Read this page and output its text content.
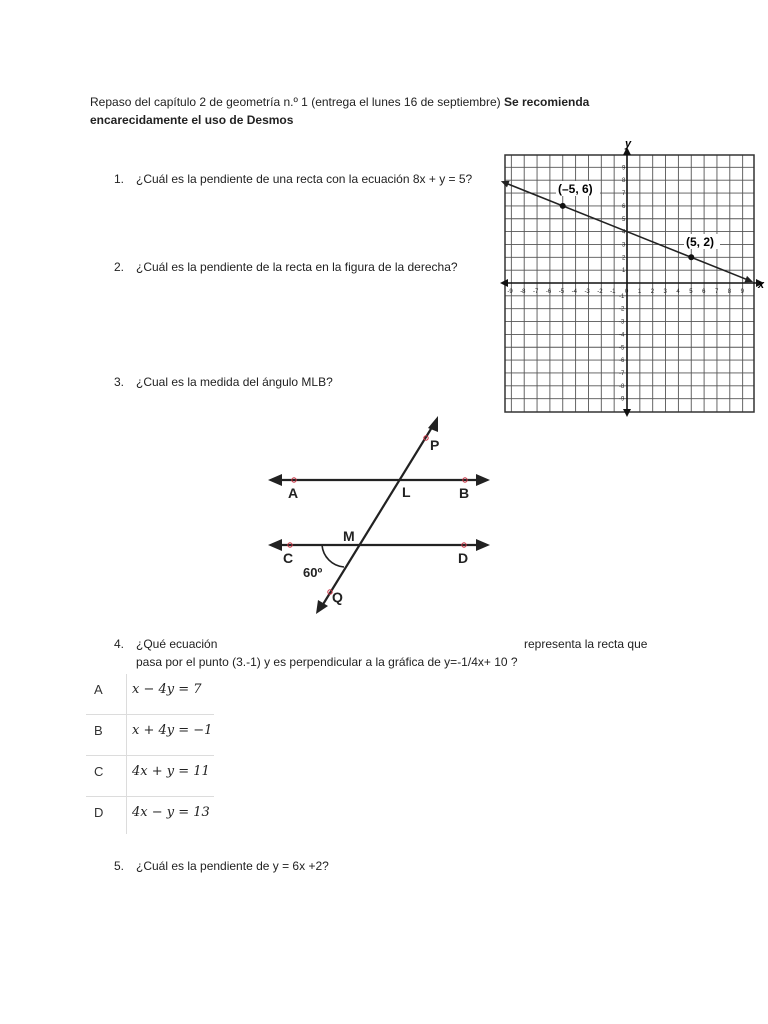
Repaso del capítulo 2 de geometría n.º 1 (entrega el lunes 16 de septiembre) Se recomienda
encarecidamente el uso de Desmos
1. ¿Cuál es la pendiente de una recta con la ecuación 8x + y = 5?
2. ¿Cuál es la pendiente de la recta en la figura de la derecha?
3. ¿Cual es la medida del ángulo MLB?
4. ¿Qué ecuación	representa la recta que
pasa por el punto (3.-1) y es perpendicular a la gráfica de y=-1/4x+ 10 ?
5. ¿Cuál es la pendiente de y = 6x +2?
x
y
-9 -8 -7 -6 -5 -4 -3 -2 -1 0 1 2 3 4 5 6 7 8 9
9
8
7
6
5
4
3
2
1
-1
-2
-3
-4
-5
-6
-7
-8
-9
(–5, 6)
(5, 2)
A	B
C	D
L
M
P
Q
60º
A x − 4y = 7
B x + 4y = −1
C 4x + y = 11
D 4x − y = 13
